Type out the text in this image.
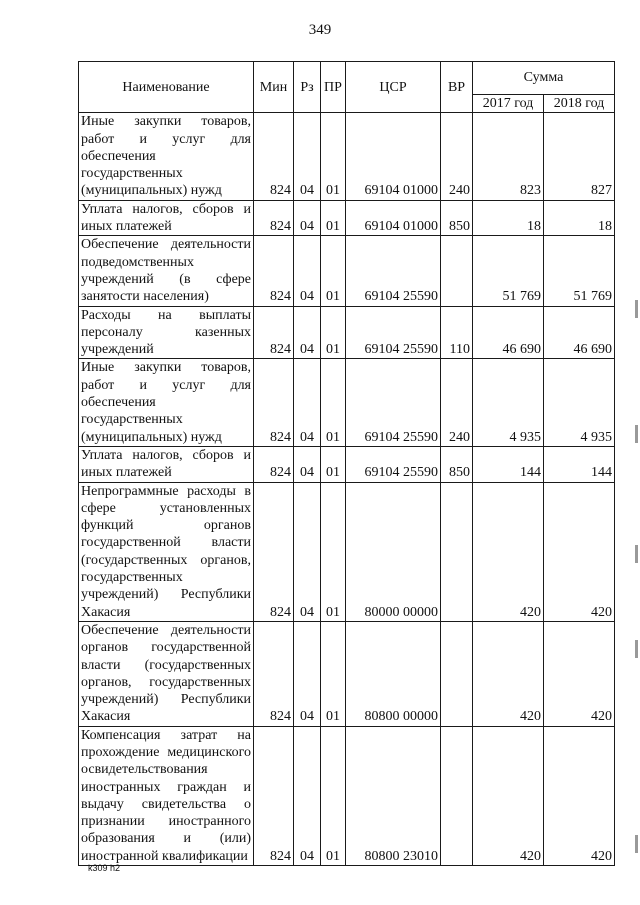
349
Наименование	Мин	Рз	ПР	ЦСР	ВР	Сумма	
						2017 год	2018 год
Иные закупки товаров, работ и услуг для обеспечения государственных (муниципальных) нужд	824	04	01	69104 01000	240	823	827
Уплата налогов, сборов и иных платежей	824	04	01	69104 01000	850	18	18
Обеспечение деятельности подведомственных учреждений (в сфере занятости населения)	824	04	01	69104 25590		51 769	51 769
Расходы на выплаты персоналу казенных учреждений	824	04	01	69104 25590	110	46 690	46 690
Иные закупки товаров, работ и услуг для обеспечения государственных (муниципальных) нужд	824	04	01	69104 25590	240	4 935	4 935
Уплата налогов, сборов и иных платежей	824	04	01	69104 25590	850	144	144
Непрограммные расходы в сфере установленных функций органов государственной власти (государственных органов, государственных учреждений) Республики Хакасия	824	04	01	80000 00000		420	420
Обеспечение деятельности органов государственной власти (государственных органов, государственных учреждений) Республики Хакасия	824	04	01	80800 00000		420	420
Компенсация затрат на прохождение медицинского освидетельствования иностранных граждан и выдачу свидетельства о признании иностранного образования и (или) иностранной квалификации	824	04	01	80800 23010		420	420
k309 h2
